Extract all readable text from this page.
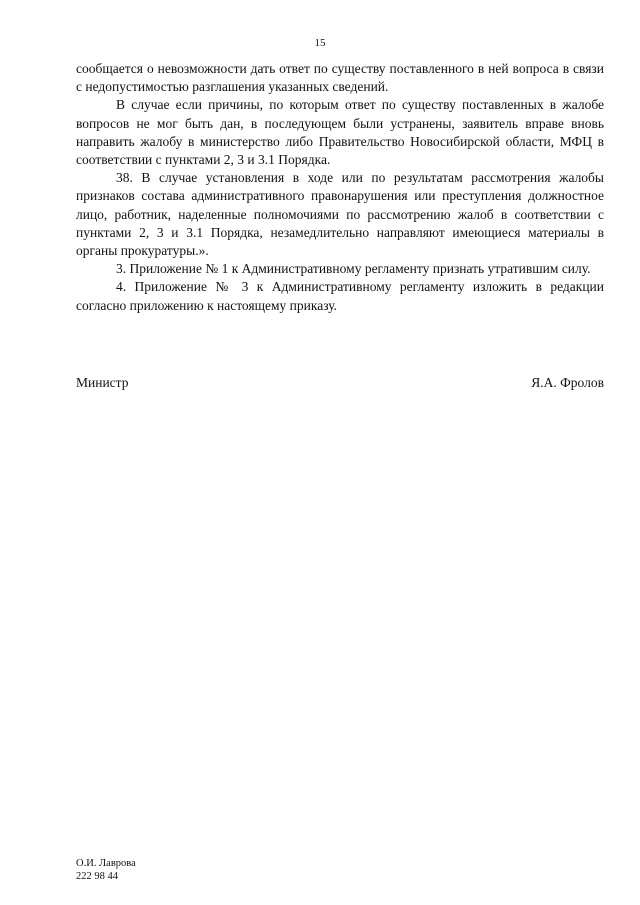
15

сообщается о невозможности дать ответ по существу поставленного в ней вопроса в связи с недопустимостью разглашения указанных сведений.

В случае если причины, по которым ответ по существу поставленных в жалобе вопросов не мог быть дан, в последующем были устранены, заявитель вправе вновь направить жалобу в министерство либо Правительство Новосибирской области, МФЦ в соответствии с пунктами 2, 3 и 3.1 Порядка.

38. В случае установления в ходе или по результатам рассмотрения жалобы признаков состава административного правонарушения или преступления должностное лицо, работник, наделенные полномочиями по рассмотрению жалоб в соответствии с пунктами 2, 3 и 3.1 Порядка, незамедлительно направляют имеющиеся материалы в органы прокуратуры.».

3. Приложение № 1 к Административному регламенту признать утратившим силу.

4. Приложение № 3 к Административному регламенту изложить в редакции согласно приложению к настоящему приказу.

Министр	Я.А. Фролов
О.И. Лаврова
222 98 44
